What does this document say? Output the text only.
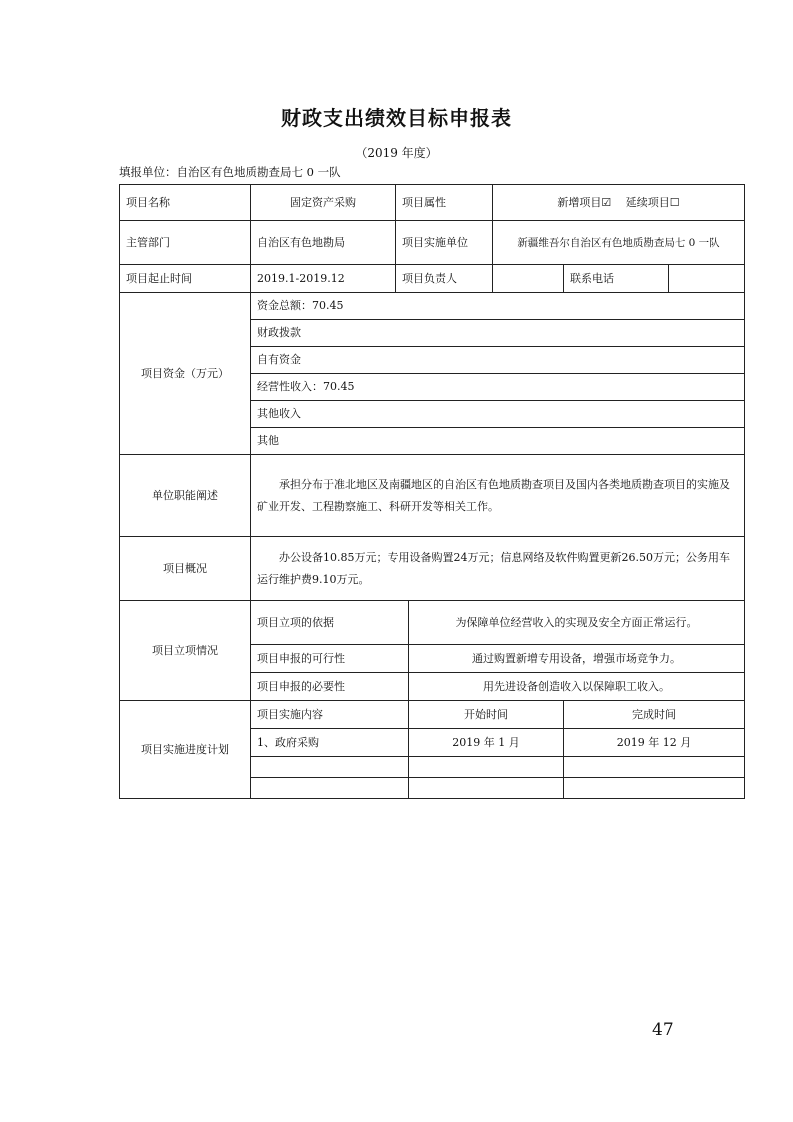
财政支出绩效目标申报表
（2019 年度）
填报单位：自治区有色地质勘查局七 0 一队
项目名称	固定资产采购	项目属性		新增项目☑　 延续项目☐		
主管部门	自治区有色地勘局	项目实施单位		新疆维吾尔自治区有色地质勘查局七 0 一队		
项目起止时间	2019.1-2019.12	项目负责人			联系电话	
项目资金（万元）	资金总额：70.45					
	财政拨款					
	自有资金					
	经营性收入：70.45					
	其他收入					
	其他					
单位职能阐述	承担分布于准北地区及南疆地区的自治区有色地质勘查项目及国内各类地质勘查项目的实施及矿业开发、工程勘察施工、科研开发等相关工作。					
项目概况	办公设备10.85万元；专用设备购置24万元；信息网络及软件购置更新26.50万元；公务用车运行维护费9.10万元。					
项目立项情况	项目立项的依据		为保障单位经营收入的实现及安全方面正常运行。			
	项目申报的可行性		通过购置新增专用设备，增强市场竞争力。			
	项目申报的必要性		用先进设备创造收入以保障职工收入。			
项目实施进度计划	项目实施内容		开始时间		完成时间	
	1、政府采购		2019 年 1 月		2019 年 12 月	

47
